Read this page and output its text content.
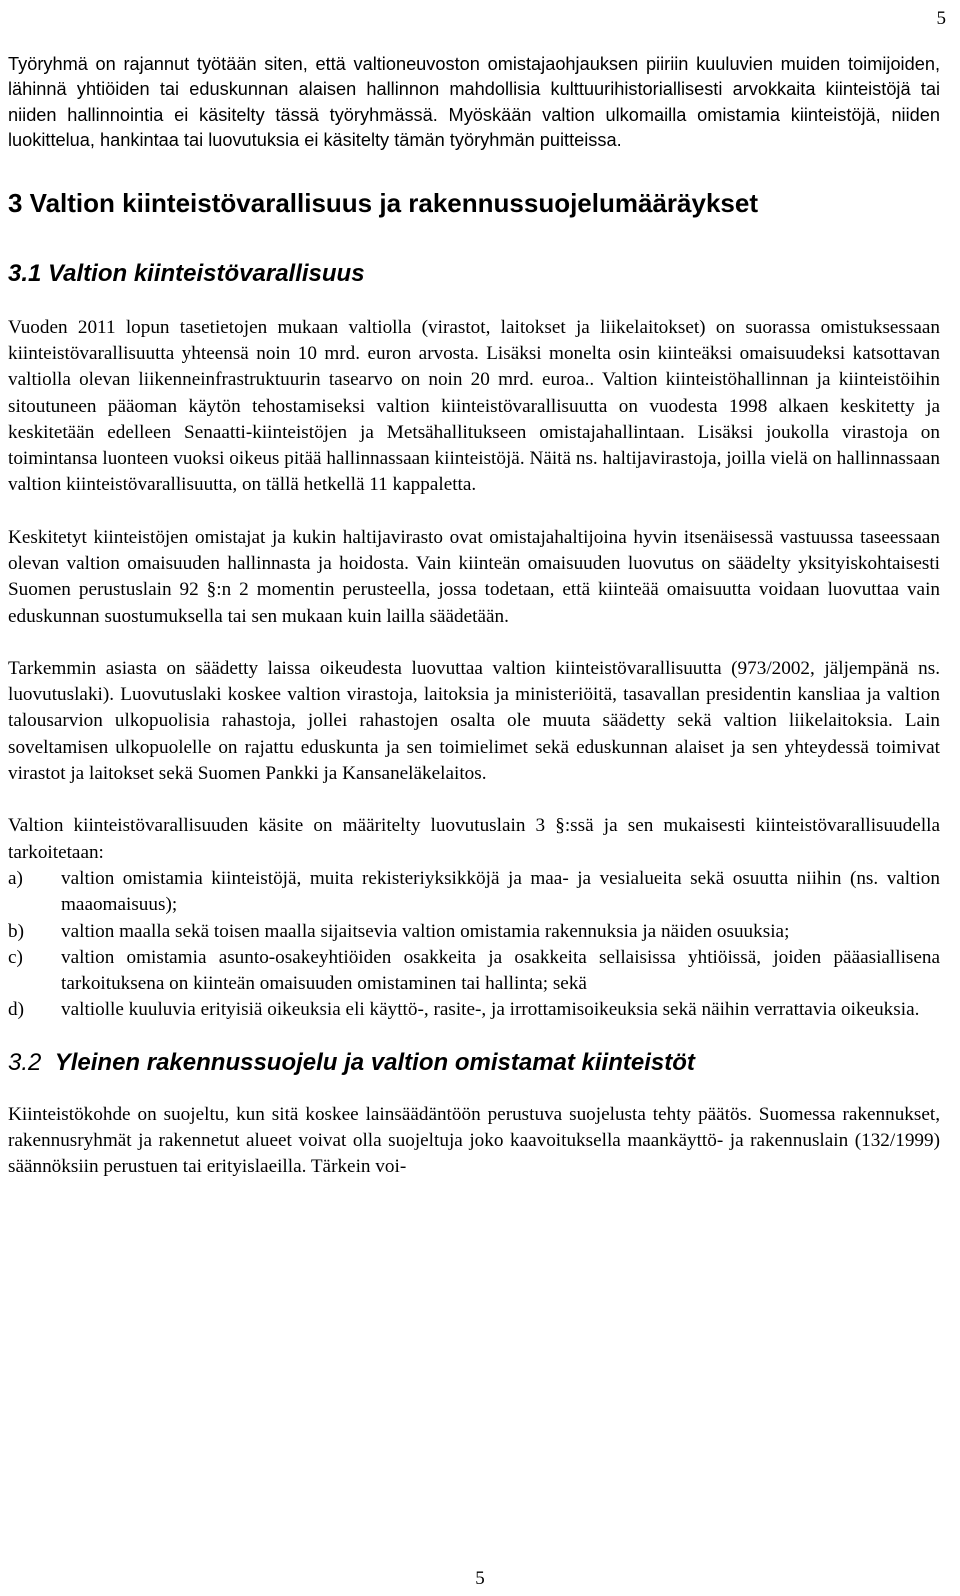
5

Työryhmä on rajannut työtään siten, että valtioneuvoston omistajaohjauksen piiriin kuuluvien muiden toimijoiden, lähinnä yhtiöiden tai eduskunnan alaisen hallinnon mahdollisia kulttuurihistoriallisesti arvokkaita kiinteistöjä tai niiden hallinnointia ei käsitelty tässä työryhmässä. Myöskään valtion ulkomailla omistamia kiinteistöjä, niiden luokittelua, hankintaa tai luovutuksia ei käsitelty tämän työryhmän puitteissa.

3 Valtion kiinteistövarallisuus ja rakennussuojelumääräykset
3.1 Valtion kiinteistövarallisuus

Vuoden 2011 lopun tasetietojen mukaan valtiolla (virastot, laitokset ja liikelaitokset) on suorassa omistuksessaan kiinteistövarallisuutta yhteensä noin 10 mrd. euron arvosta. Lisäksi monelta osin kiinteäksi omaisuudeksi katsottavan valtiolla olevan liikenneinfrastruktuurin tasearvo on noin 20 mrd. euroa.. Valtion kiinteistöhallinnan ja kiinteistöihin sitoutuneen pääoman käytön tehostamiseksi valtion kiinteistövarallisuutta on vuodesta 1998 alkaen keskitetty ja keskitetään edelleen Senaatti-kiinteistöjen ja Metsähallitukseen omistajahallintaan. Lisäksi joukolla virastoja on toimintansa luonteen vuoksi oikeus pitää hallinnassaan kiinteistöjä. Näitä ns. haltijavirastoja, joilla vielä on hallinnassaan valtion kiinteistövarallisuutta, on tällä hetkellä 11 kappaletta.

Keskitetyt kiinteistöjen omistajat ja kukin haltijavirasto ovat omistajahaltijoina hyvin itsenäisessä vastuussa taseessaan olevan valtion omaisuuden hallinnasta ja hoidosta. Vain kiinteän omaisuuden luovutus on säädelty yksityiskohtaisesti Suomen perustuslain 92 §:n 2 momentin perusteella, jossa todetaan, että kiinteää omaisuutta voidaan luovuttaa vain eduskunnan suostumuksella tai sen mukaan kuin lailla säädetään.

Tarkemmin asiasta on säädetty laissa oikeudesta luovuttaa valtion kiinteistövarallisuutta (973/2002, jäljempänä ns. luovutuslaki). Luovutuslaki koskee valtion virastoja, laitoksia ja ministeriöitä, tasavallan presidentin kansliaa ja valtion talousarvion ulkopuolisia rahastoja, jollei rahastojen osalta ole muuta säädetty sekä valtion liikelaitoksia. Lain soveltamisen ulkopuolelle on rajattu eduskunta ja sen toimielimet sekä eduskunnan alaiset ja sen yhteydessä toimivat virastot ja laitokset sekä Suomen Pankki ja Kansaneläkelaitos.

Valtion kiinteistövarallisuuden käsite on määritelty luovutuslain 3 §:ssä ja sen mukaisesti kiinteistövarallisuudella tarkoitetaan:

a)	valtion omistamia kiinteistöjä, muita rekisteriyksikköjä ja maa- ja vesialueita sekä osuutta niihin (ns. valtion maaomaisuus);
b)	valtion maalla sekä toisen maalla sijaitsevia valtion omistamia rakennuksia ja näiden osuuksia;
c)	valtion omistamia asunto-osakeyhtiöiden osakkeita ja osakkeita sellaisissa yhtiöissä, joiden pääasiallisena tarkoituksena on kiinteän omaisuuden omistaminen tai hallinta; sekä
d)	valtiolle kuuluvia erityisiä oikeuksia eli käyttö-, rasite-, ja irrottamisoikeuksia sekä näihin verrattavia oikeuksia.
3.2 Yleinen rakennussuojelu ja valtion omistamat kiinteistöt

Kiinteistökohde on suojeltu, kun sitä koskee lainsäädäntöön perustuva suojelusta tehty päätös. Suomessa rakennukset, rakennusryhmät ja rakennetut alueet voivat olla suojeltuja joko kaavoituksella maankäyttö- ja rakennuslain (132/1999) säännöksiin perustuen tai erityislaeilla. Tärkein voi-

5
